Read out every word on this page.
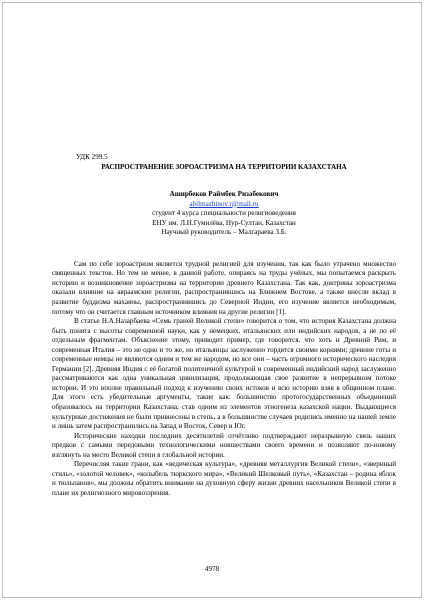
УДК 299.5
РАСПРОСТРАНЕНИЕ ЗОРОАСТРИЗМА НА ТЕРРИТОРИИ КАЗАХСТАНА
Аширбеков Раймбек Ризабекович
abilmazhinov.r@mail.ru
студент 4 курса специальности религиоведения
ЕНУ им. Л.Н.Гумилёва, Нур-Султан, Казахстан
Научный руководитель – Малгараева З.Б.

Сам по себе зороастризм является трудной религией для изучения, так как было утрачено множество священных текстов. Но тем не менее, в данной работе, опираясь на труды учёных, мы попытаемся раскрыть историю и возникновение зороастризма на территории древнего Казахстана. Так как, доктрины зороастризма оказали влияние на авраамские религии, распространившись на Ближнем Востоке, а также внесли вклад в развитие буддизма махаяны, распространившись до Северной Индии, его изучение является необходимым, потому что он считается главным источником влияния на другие религии [1].

В статье Н.А.Назарбаева «Семь граней Великой степи» говорится о том, что история Казахстана должна быть понята с высоты современной науки, как у немецких, итальянских или индийских народов, а не по её отдельным фрагментам. Объяснение этому, приводит пример, где говорится, что хоть и Древний Рим, и современная Италия – это не одно и то же, но итальянцы заслуженно гордятся своими корнями; древние готы и современные немцы не являются одним и тем же народом, но все они – часть огромного исторического наследия Германии [2]. Древняя Индия с её богатой политеичной культурой и современный индийский народ заслуженно рассматриваются как одна уникальная цивилизация, продолжающая свое развитие в непрерывном потоке истории. И это вполне правильный подход к изучению своих истоков и всю историю взяв в общинном плане. Для этого есть убедительные аргументы, такие как: большинство протогосударственных объединений образовалось на территории Казахстана, став одним из элементов этногенеза казахской нации. Выдающиеся культурные достижения не были привнесены в степь, а в большинстве случаев родились именно на нашей земле и лишь затем распространились на Запад и Восток, Север и Юг.

Исторические находки последних десятилетий отчётливо подтверждают неразрывную связь наших предков с самыми передовыми технологическими новшествами своего времени и позволяют по-новому взглянуть на место Великой степи в глобальной истории.

Перечисляя такие грани, как «ведическая культура», «древняя металлургия Великой степи», «звериный стиль», «золотой человек», «колыбель тюркского мира», «Великий Шелковый путь», «Казахстан – родина яблок и тюльпанов», мы должны обратить внимание на духовную сферу жизни древних насельников Великой степи в плане их религиозного мировоззрения.

4978
